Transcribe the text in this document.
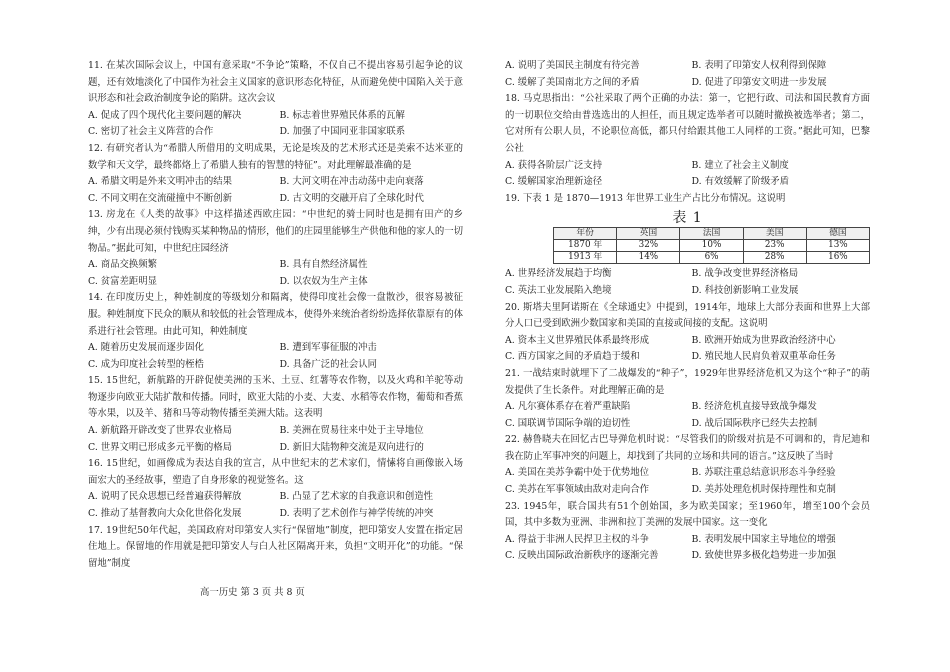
11. 在某次国际会议上，中国有意采取“不争论”策略，不仅自己不提出容易引起争论的议题，还有效地淡化了中国作为社会主义国家的意识形态化特征，从而避免使中国陷入关于意识形态和社会政治制度争论的陷阱。这次会议

A. 促成了四个现代化主要问题的解决	B. 标志着世界殖民体系的瓦解
C. 密切了社会主义阵营的合作	D. 加强了中国同亚非国家联系

12. 有研究者认为“希腊人所借用的文明成果，无论是埃及的艺术形式还是美索不达米亚的数学和天文学，最终都烙上了希腊人独有的智慧的特征”。对此理解最准确的是

A. 希腊文明是外来文明冲击的结果	B. 大河文明在冲击动荡中走向衰落
C. 不同文明在交流碰撞中不断创新	D. 古文明的交融开启了全球化时代

13. 房龙在《人类的故事》中这样描述西欧庄园：“中世纪的骑士同时也是拥有田产的乡绅，少有出现必须付钱购买某种物品的情形，他们的庄园里能够生产供他和他的家人的一切物品。”据此可知，中世纪庄园经济

A. 商品交换频繁	B. 具有自然经济属性
C. 贫富差距明显	D. 以农奴为生产主体

14. 在印度历史上，种姓制度的等级划分和隔离，使得印度社会像一盘散沙，很容易被征服。种姓制度下民众的顺从和较低的社会管理成本，使得外来统治者纷纷选择依靠原有的体系进行社会管理。由此可知，种姓制度

A. 随着历史发展而逐步固化	B. 遭到军事征服的冲击
C. 成为印度社会转型的桎梏	D. 具备广泛的社会认同

15. 15世纪，新航路的开辟促使美洲的玉米、土豆、红薯等农作物，以及火鸡和羊驼等动物逐步向欧亚大陆扩散和传播。同时，欧亚大陆的小麦、大麦、水稻等农作物，葡萄和香蕉等水果，以及羊、猪和马等动物传播至美洲大陆。这表明

A. 新航路开辟改变了世界农业格局	B. 美洲在贸易往来中处于主导地位
C. 世界文明已形成多元平衡的格局	D. 新旧大陆物种交流是双向进行的

16. 15世纪，如画像成为表达自我的宣言，从中世纪末的艺术家们，情愫将自画像嵌入场面宏大的圣经故事，塑造了自身形象的视觉签名。这

A. 说明了民众思想已经普遍获得解放	B. 凸显了艺术家的自我意识和创造性
C. 推动了基督教向大众化世俗化发展	D. 表明了艺术创作与神学传统的冲突

17. 19世纪50年代起，美国政府对印第安人实行“保留地”制度，把印第安人安置在指定居住地上。保留地的作用就是把印第安人与白人社区隔离开来，负担“文明开化”的功能。“保留地”制度

A. 说明了美国民主制度有待完善	B. 表明了印第安人权利得到保障
C. 缓解了美国南北方之间的矛盾	D. 促进了印第安文明进一步发展

18. 马克思指出：“公社采取了两个正确的办法：第一，它把行政、司法和国民教育方面的一切职位交给由普选选出的人担任，而且规定选举者可以随时撤换被选举者；第二，它对所有公职人员，不论职位高低，都只付给跟其他工人同样的工资。”据此可知，巴黎公社

A. 获得各阶层广泛支持	B. 建立了社会主义制度
C. 缓解国家治理新途径	D. 有效缓解了阶级矛盾

19. 下表 1 是 1870—1913 年世界工业生产占比分布情况。这说明

表 1
年份	英国	法国	美国	德国
1870 年	32%	10%	23%	13%
1913 年	14%	6%	28%	16%
A. 世界经济发展趋于均衡	B. 战争改变世界经济格局
C. 英法工业发展陷入绝境	D. 科技创新影响工业发展

20. 斯塔夫里阿诺斯在《全球通史》中提到，1914年，地球上大部分表面和世界上大部分人口已受到欧洲少数国家和美国的直接或间接的支配。这说明

A. 资本主义世界殖民体系最终形成	B. 欧洲开始成为世界政治经济中心
C. 西方国家之间的矛盾趋于缓和	D. 殖民地人民肩负着双重革命任务

21. 一战结束时就埋下了二战爆发的“种子”，1929年世界经济危机又为这个“种子”的萌发提供了生长条件。对此理解正确的是

A. 凡尔赛体系存在着严重缺陷	B. 经济危机直接导致战争爆发
C. 国联调节国际争端的迫切性	D. 战后国际秩序已经失去控制

22. 赫鲁晓夫在回忆古巴导弹危机时说：“尽管我们的阶级对抗是不可调和的，肯尼迪和我在防止军事冲突的问题上，却找到了共同的立场和共同的语言。”这反映了当时

A. 美国在美苏争霸中处于优势地位	B. 苏联注重总结意识形态斗争经验
C. 美苏在军事领域由敌对走向合作	D. 美苏处理危机时保持理性和克制

23. 1945年，联合国共有51个创始国，多为欧美国家；至1960年，增至100个会员国，其中多数为亚洲、非洲和拉丁美洲的发展中国家。这一变化

A. 得益于非洲人民捍卫主权的斗争	B. 表明发展中国家主导地位的增强
C. 反映出国际政治新秩序的逐渐完善	D. 致使世界多极化趋势进一步加强
高一历史 第 3 页 共 8 页
